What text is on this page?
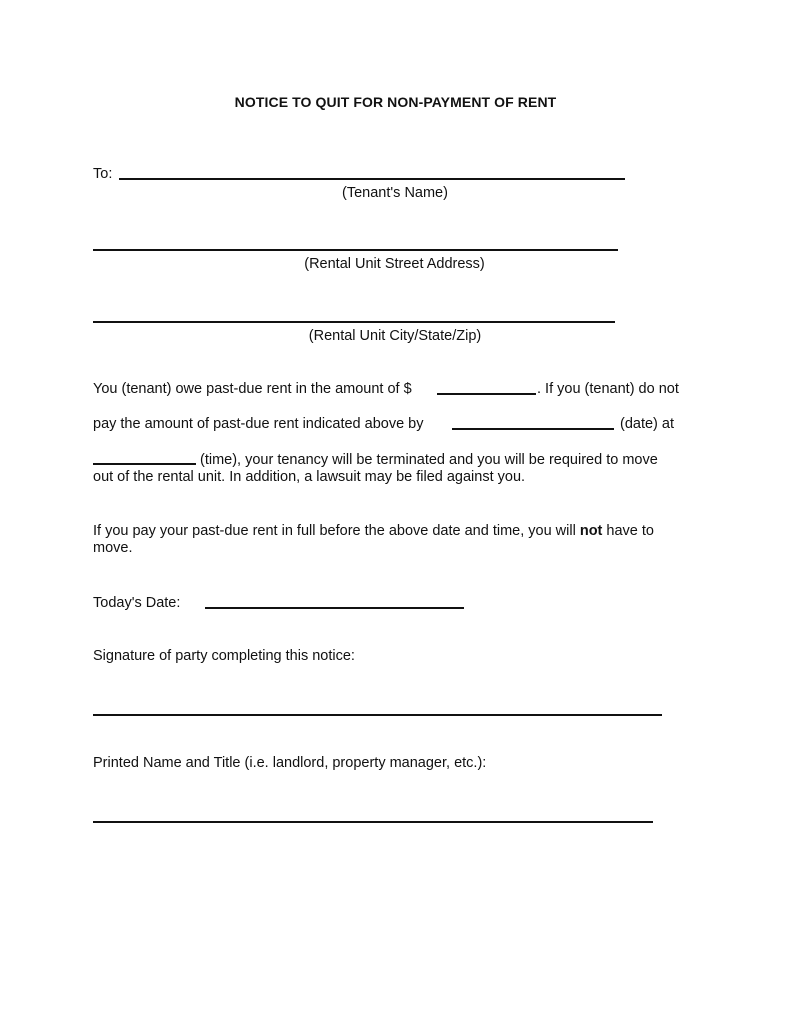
NOTICE TO QUIT FOR NON-PAYMENT OF RENT
To:
(Tenant's Name)
(Rental Unit Street Address)
(Rental Unit City/State/Zip)
You (tenant) owe past-due rent in the amount of $	. If you (tenant) do not
pay the amount of past-due rent indicated above by	(date) at
(time), your tenancy will be terminated and you will be required to move
out of the rental unit. In addition, a lawsuit may be filed against you.
If you pay your past-due rent in full before the above date and time, you will not have to
move.
Today's Date:
Signature of party completing this notice:
Printed Name and Title (i.e. landlord, property manager, etc.):
